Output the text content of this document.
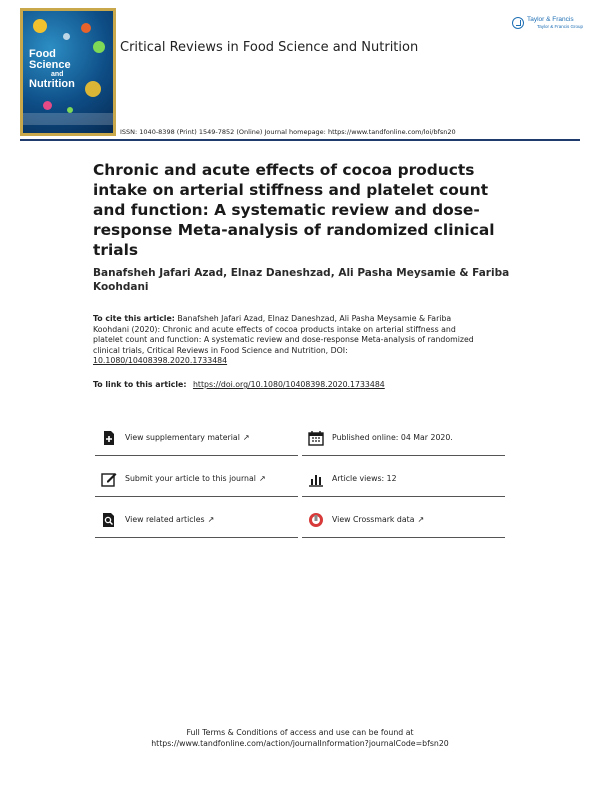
Food
Science
and
Nutrition
Critical Reviews in Food Science and Nutrition
Taylor & Francis
Taylor & Francis Group
ISSN: 1040-8398 (Print) 1549-7852 (Online) Journal homepage: https://www.tandfonline.com/loi/bfsn20
Chronic and acute effects of cocoa products intake on arterial stiffness and platelet count and function: A systematic review and dose-response Meta-analysis of randomized clinical trials
Banafsheh Jafari Azad, Elnaz Daneshzad, Ali Pasha Meysamie & Fariba Koohdani
To cite this article: Banafsheh Jafari Azad, Elnaz Daneshzad, Ali Pasha Meysamie & Fariba Koohdani (2020): Chronic and acute effects of cocoa products intake on arterial stiffness and platelet count and function: A systematic review and dose-response Meta-analysis of randomized clinical trials, Critical Reviews in Food Science and Nutrition, DOI: 10.1080/10408398.2020.1733484
To link to this article: https://doi.org/10.1080/10408398.2020.1733484
View supplementary material ↗	Published online: 04 Mar 2020.
Submit your article to this journal ↗	Article views: 12
View related articles ↗	View Crossmark data ↗
Full Terms & Conditions of access and use can be found at
https://www.tandfonline.com/action/journalInformation?journalCode=bfsn20
